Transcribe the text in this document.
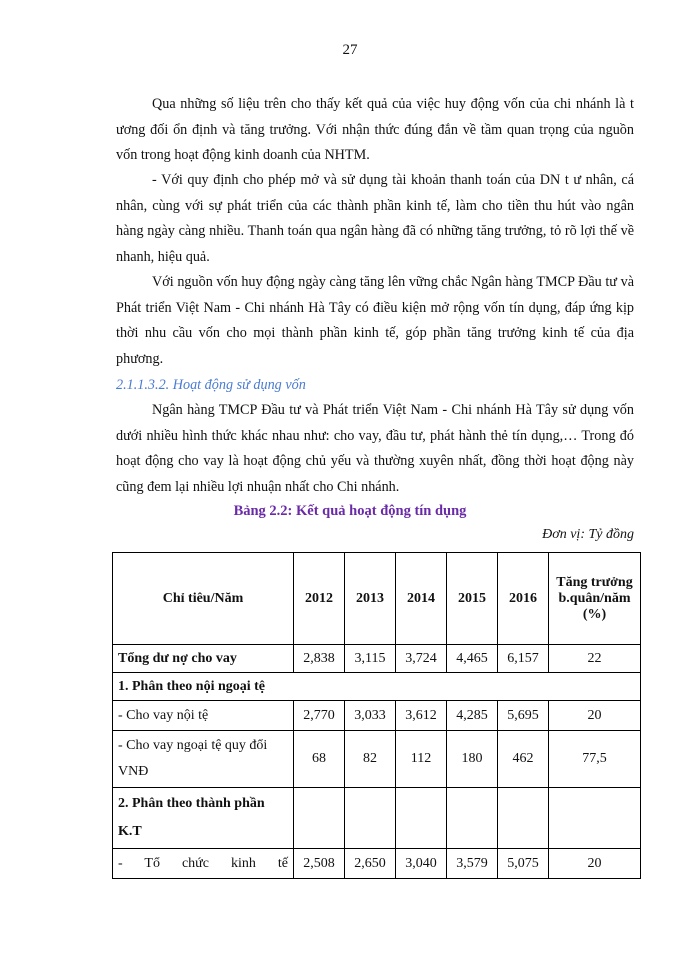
27

Qua những số liệu trên cho thấy kết quả của việc huy động vốn của chi nhánh là t ương đối ổn định và tăng trưởng. Với nhận thức đúng đắn về tầm quan trọng của nguồn vốn trong hoạt động kinh doanh của NHTM.

- Với quy định cho phép mở và sử dụng tài khoản thanh toán của DN t ư nhân, cá nhân, cùng với sự phát triển của các thành phần kinh tế, làm cho tiền thu hút vào ngân hàng ngày càng nhiều. Thanh toán qua ngân hàng đã có những tăng trưởng, tỏ rõ lợi thế về nhanh, hiệu quả.

Với nguồn vốn huy động ngày càng tăng lên vững chắc Ngân hàng TMCP Đầu tư và Phát triển Việt Nam - Chi nhánh Hà Tây có điều kiện mở rộng vốn tín dụng, đáp ứng kịp thời nhu cầu vốn cho mọi thành phần kinh tế, góp phần tăng trưởng kinh tế của địa phương.

2.1.1.3.2. Hoạt động sử dụng vốn

Ngân hàng TMCP Đầu tư và Phát triển Việt Nam - Chi nhánh Hà Tây sử dụng vốn dưới nhiều hình thức khác nhau như: cho vay, đầu tư, phát hành thẻ tín dụng,… Trong đó hoạt động cho vay là hoạt động chủ yếu và thường xuyên nhất, đồng thời hoạt động này cũng đem lại nhiều lợi nhuận nhất cho Chi nhánh.

Bảng 2.2: Kết quả hoạt động tín dụng
Đơn vị: Tỷ đồng
Chỉ tiêu/Năm	2012	2013	2014	2015	2016	Tăng trưởng b.quân/năm (%)
Tổng dư nợ cho vay	2,838	3,115	3,724	4,465	6,157	22
1. Phân theo nội ngoại tệ						
- Cho vay nội tệ	2,770	3,033	3,612	4,285	5,695	20
- Cho vay ngoại tệ quy đổi VNĐ	68	82	112	180	462	77,5
2. Phân theo thành phần K.T						
- Tổ chức kinh tế	2,508	2,650	3,040	3,579	5,075	20
